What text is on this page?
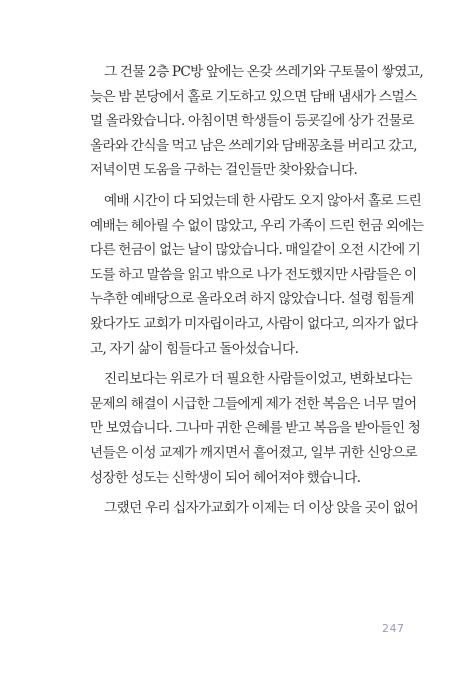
그 건물 2층 PC방 앞에는 온갖 쓰레기와 구토물이 쌓였고,
늦은 밤 본당에서 홀로 기도하고 있으면 담배 냄새가 스멀스
멀 올라왔습니다. 아침이면 학생들이 등굣길에 상가 건물로
올라와 간식을 먹고 남은 쓰레기와 담배꽁초를 버리고 갔고,
저녁이면 도움을 구하는 걸인들만 찾아왔습니다.
예배 시간이 다 되었는데 한 사람도 오지 않아서 홀로 드린
예배는 헤아릴 수 없이 많았고, 우리 가족이 드린 헌금 외에는
다른 헌금이 없는 날이 많았습니다. 매일같이 오전 시간에 기
도를 하고 말씀을 읽고 밖으로 나가 전도했지만 사람들은 이
누추한 예배당으로 올라오려 하지 않았습니다. 설령 힘들게
왔다가도 교회가 미자립이라고, 사람이 없다고, 의자가 없다
고, 자기 삶이 힘들다고 돌아섰습니다.
진리보다는 위로가 더 필요한 사람들이었고, 변화보다는
문제의 해결이 시급한 그들에게 제가 전한 복음은 너무 멀어
만 보였습니다. 그나마 귀한 은혜를 받고 복음을 받아들인 청
년들은 이성 교제가 깨지면서 흩어졌고, 일부 귀한 신앙으로
성장한 성도는 신학생이 되어 헤어져야 했습니다.
그랬던 우리 십자가교회가 이제는 더 이상 앉을 곳이 없어
247
